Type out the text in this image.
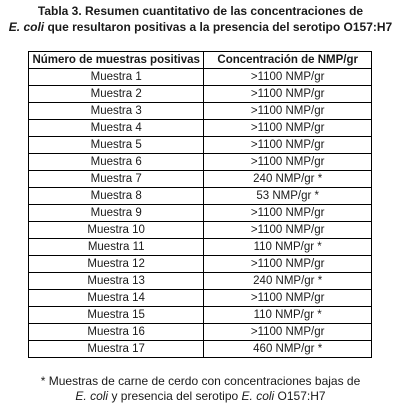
Tabla 3. Resumen cuantitativo de las concentraciones de
E. coli que resultaron positivas a la presencia del serotipo O157:H7
Número de muestras positivas	Concentración de NMP/gr
Muestra 1	>1100 NMP/gr
Muestra 2	>1100 NMP/gr
Muestra 3	>1100 NMP/gr
Muestra 4	>1100 NMP/gr
Muestra 5	>1100 NMP/gr
Muestra 6	>1100 NMP/gr
Muestra 7	240 NMP/gr *
Muestra 8	53 NMP/gr *
Muestra 9	>1100 NMP/gr
Muestra 10	>1100 NMP/gr
Muestra 11	110 NMP/gr *
Muestra 12	>1100 NMP/gr
Muestra 13	240 NMP/gr *
Muestra 14	>1100 NMP/gr
Muestra 15	110 NMP/gr *
Muestra 16	>1100 NMP/gr
Muestra 17	460 NMP/gr *
* Muestras de carne de cerdo con concentraciones bajas de
E. coli y presencia del serotipo E. coli O157:H7
